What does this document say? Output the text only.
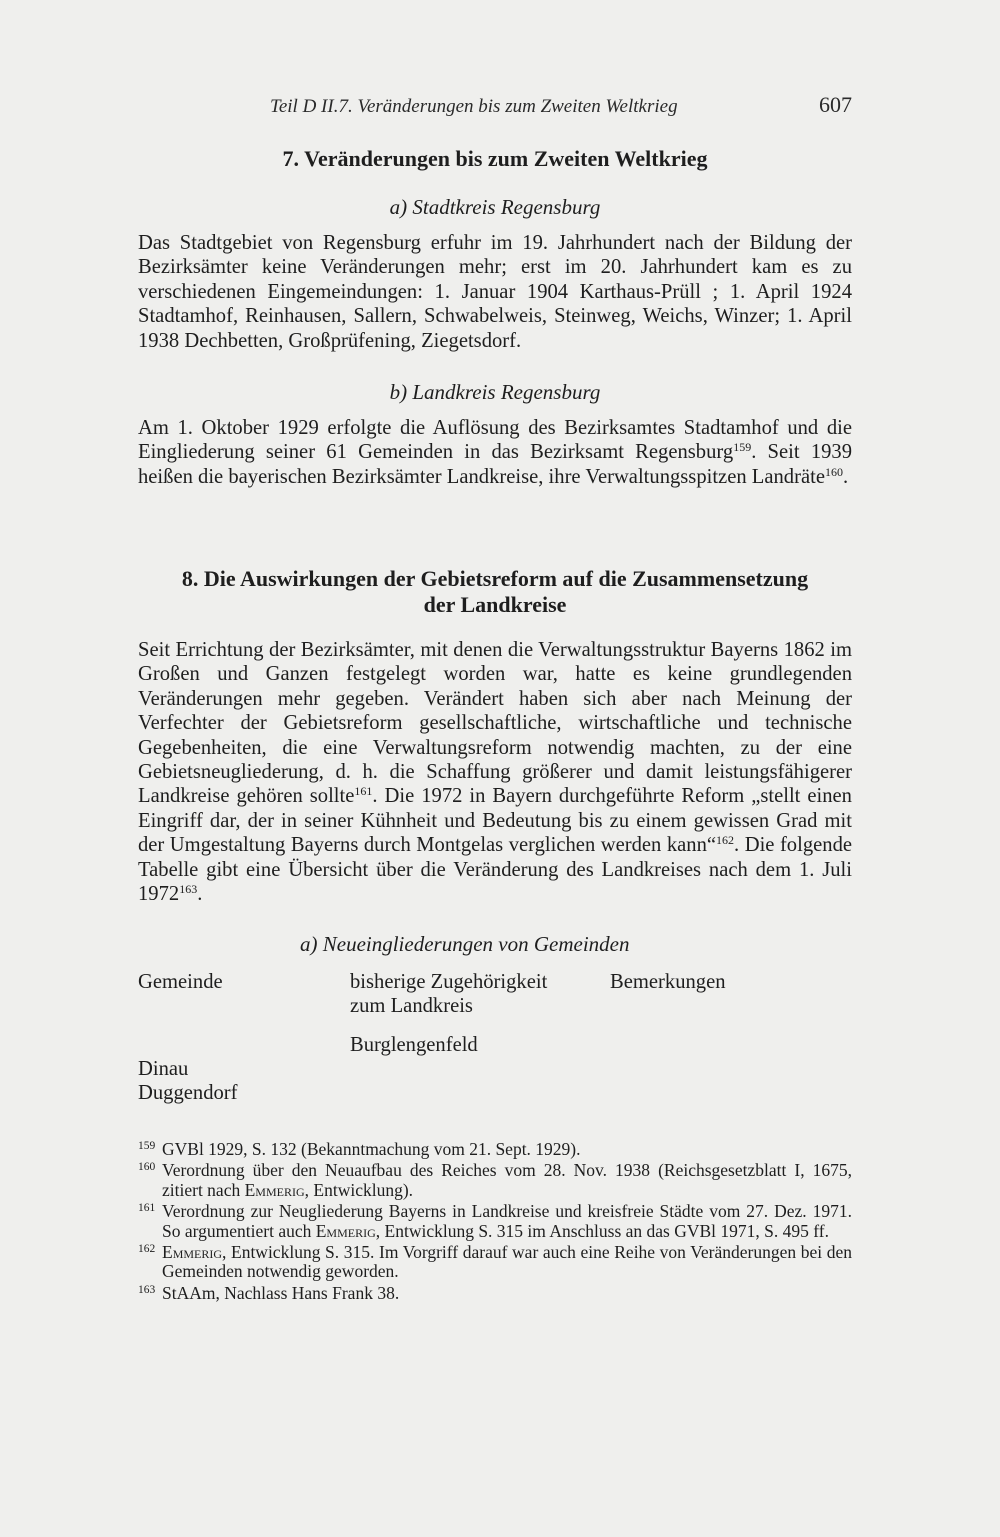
Teil D II.7. Veränderungen bis zum Zweiten Weltkrieg	607
7. Veränderungen bis zum Zweiten Weltkrieg
a) Stadtkreis Regensburg

Das Stadtgebiet von Regensburg erfuhr im 19. Jahrhundert nach der Bildung der Bezirksämter keine Veränderungen mehr; erst im 20. Jahrhundert kam es zu verschiedenen Eingemeindungen: 1. Januar 1904 Karthaus-Prüll ; 1. April 1924 Stadtamhof, Reinhausen, Sallern, Schwabelweis, Steinweg, Weichs, Winzer; 1. April 1938 Dechbetten, Großprüfening, Ziegetsdorf.

b) Landkreis Regensburg

Am 1. Oktober 1929 erfolgte die Auflösung des Bezirksamtes Stadtamhof und die Eingliederung seiner 61 Gemeinden in das Bezirksamt Regensburg$^{159}$. Seit 1939 heißen die bayerischen Bezirksämter Landkreise, ihre Verwaltungsspitzen Landräte$^{160}$.

8. Die Auswirkungen der Gebietsreform auf die Zusammensetzung
der Landkreise

Seit Errichtung der Bezirksämter, mit denen die Verwaltungsstruktur Bayerns 1862 im Großen und Ganzen festgelegt worden war, hatte es keine grundlegenden Veränderungen mehr gegeben. Verändert haben sich aber nach Meinung der Verfechter der Gebietsreform gesellschaftliche, wirtschaftliche und technische Gegebenheiten, die eine Verwaltungsreform notwendig machten, zu der eine Gebietsneugliederung, d. h. die Schaffung größerer und damit leistungsfähigerer Landkreise gehören sollte$^{161}$. Die 1972 in Bayern durchgeführte Reform „stellt einen Eingriff dar, der in seiner Kühnheit und Bedeutung bis zu einem gewissen Grad mit der Umgestaltung Bayerns durch Montgelas verglichen werden kann“$^{162}$. Die folgende Tabelle gibt eine Übersicht über die Veränderung des Landkreises nach dem 1. Juli 1972$^{163}$.

a) Neueingliederungen von Gemeinden
Gemeinde	bisherige Zugehörigkeit
zum Landkreis
Bemerkungen
Burglengenfeld
Dinau
Duggendorf
159 GVBl 1929, S. 132 (Bekanntmachung vom 21. Sept. 1929).
160 Verordnung über den Neuaufbau des Reiches vom 28. Nov. 1938 (Reichsgesetzblatt I, 1675, zitiert nach Emmerig, Entwicklung).
161 Verordnung zur Neugliederung Bayerns in Landkreise und kreisfreie Städte vom 27. Dez. 1971. So argumentiert auch Emmerig, Entwicklung S. 315 im Anschluss an das GVBl 1971, S. 495 ff.
162 Emmerig, Entwicklung S. 315. Im Vorgriff darauf war auch eine Reihe von Veränderungen bei den Gemeinden notwendig geworden.
163 StAAm, Nachlass Hans Frank 38.
